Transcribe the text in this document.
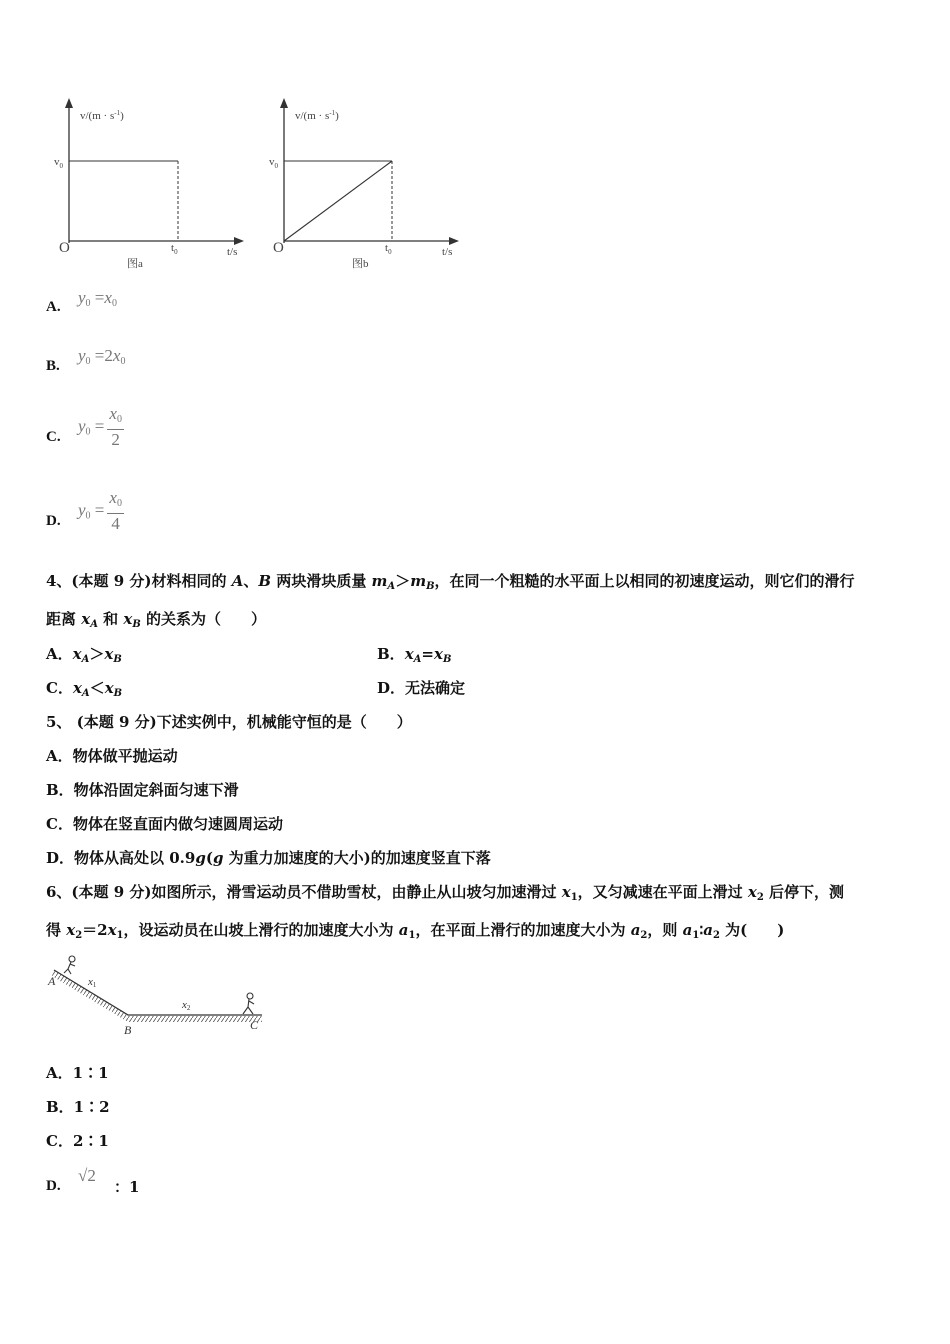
$v/(m \cdot s^{-1})$
$v_0$
O	$t_0$	t/s
图a
$v/(m \cdot s^{-1})$
$v_0$
O	$t_0$	t/s
图b
A. $y_0 =x_0$
B.
$y_0 =2x_0$
C.
$y_0 = \frac{x_0}{2}$
D.
$y_0 = \frac{x_0}{4}$
4、(本题 9 分)材料相同的 A、B 两块滑块质量 $m_A>m_B$，在同一个粗糙的水平面上以相同的初速度运动，则它们的滑行
距离 $x_A$ 和 $x_B$ 的关系为（　　）
A．$x_A>x_B$	B．$x_A=x_B$
C．$x_A<x_B$	D．无法确定
5、 (本题 9 分)下述实例中，机械能守恒的是（　　）
A．物体做平抛运动
B．物体沿固定斜面匀速下滑
C．物体在竖直面内做匀速圆周运动
D．物体从高处以 0.9g(g 为重力加速度的大小)的加速度竖直下落
6、(本题 9 分)如图所示，滑雪运动员不借助雪杖，由静止从山坡匀加速滑过 $x_1$，又匀减速在平面上滑过 $x_2$ 后停下，测
得 $x_2=2x_1$，设运动员在山坡上滑行的加速度大小为 $a_1$，在平面上滑行的加速度大小为 $a_2$，则 $a_1∶a_2$ 为(　　)
A	x1
x2
B	C
A．1∶1
B．1∶2
C．2∶1
D.
√2
：1
